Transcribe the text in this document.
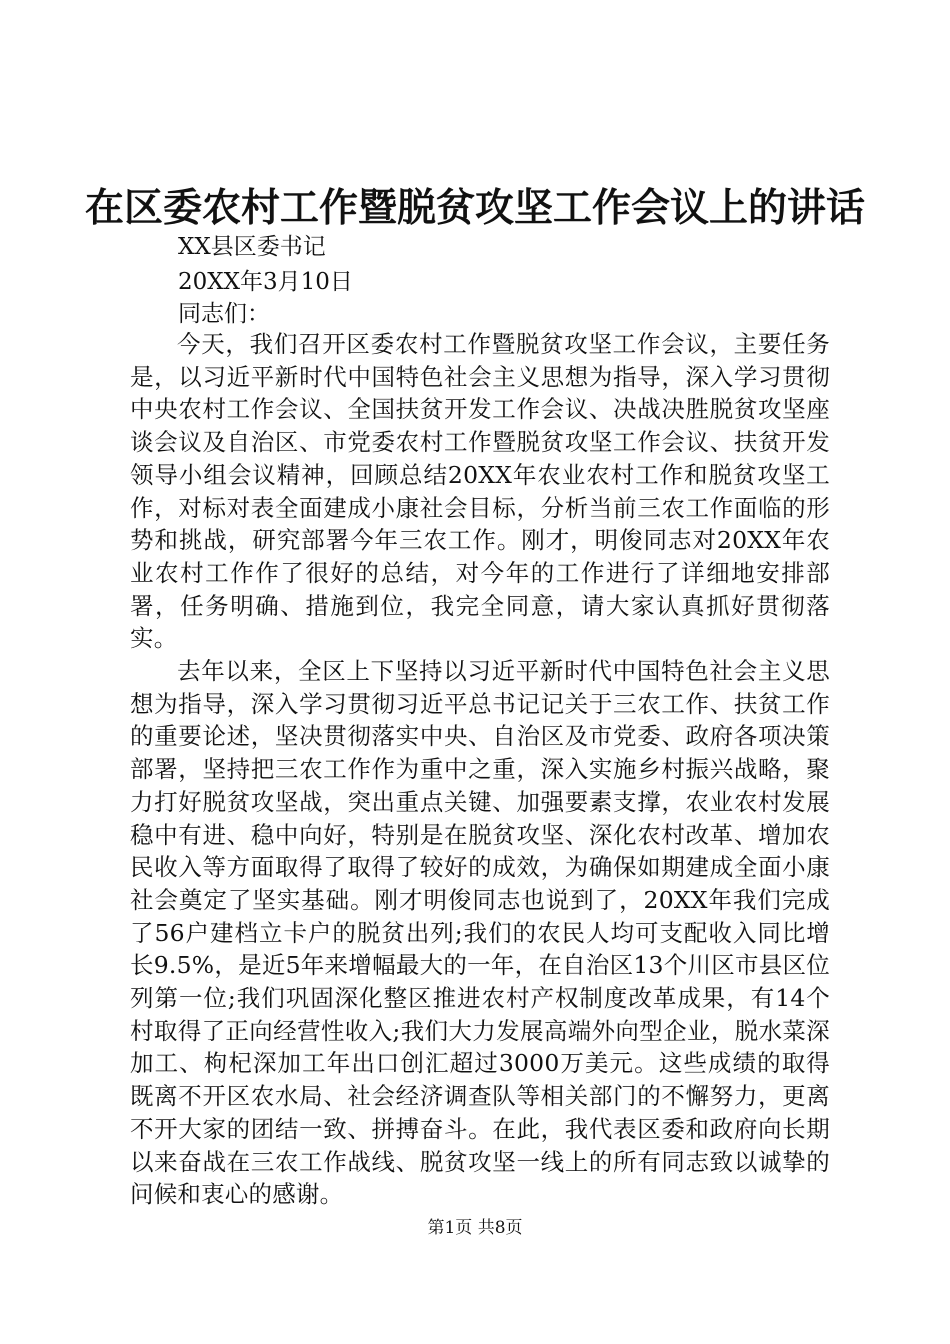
在区委农村工作暨脱贫攻坚工作会议上的讲话
XX县区委书记
20XX年3月10日
同志们：

今天，我们召开区委农村工作暨脱贫攻坚工作会议，主要任务是，以习近平新时代中国特色社会主义思想为指导，深入学习贯彻中央农村工作会议、全国扶贫开发工作会议、决战决胜脱贫攻坚座谈会议及自治区、市党委农村工作暨脱贫攻坚工作会议、扶贫开发领导小组会议精神，回顾总结20XX年农业农村工作和脱贫攻坚工作，对标对表全面建成小康社会目标，分析当前三农工作面临的形势和挑战，研究部署今年三农工作。刚才，明俊同志对20XX年农业农村工作作了很好的总结，对今年的工作进行了详细地安排部署，任务明确、措施到位，我完全同意，请大家认真抓好贯彻落实。

去年以来，全区上下坚持以习近平新时代中国特色社会主义思想为指导，深入学习贯彻习近平总书记记关于三农工作、扶贫工作的重要论述，坚决贯彻落实中央、自治区及市党委、政府各项决策部署，坚持把三农工作作为重中之重，深入实施乡村振兴战略，聚力打好脱贫攻坚战，突出重点关键、加强要素支撑，农业农村发展稳中有进、稳中向好，特别是在脱贫攻坚、深化农村改革、增加农民收入等方面取得了取得了较好的成效，为确保如期建成全面小康社会奠定了坚实基础。刚才明俊同志也说到了，20XX年我们完成了56户建档立卡户的脱贫出列;我们的农民人均可支配收入同比增长9.5%，是近5年来增幅最大的一年，在自治区13个川区市县区位列第一位;我们巩固深化整区推进农村产权制度改革成果，有14个村取得了正向经营性收入;我们大力发展高端外向型企业，脱水菜深加工、枸杞深加工年出口创汇超过3000万美元。这些成绩的取得既离不开区农水局、社会经济调查队等相关部门的不懈努力，更离不开大家的团结一致、拼搏奋斗。在此，我代表区委和政府向长期以来奋战在三农工作战线、脱贫攻坚一线上的所有同志致以诚挚的问候和衷心的感谢。

第1页 共8页
